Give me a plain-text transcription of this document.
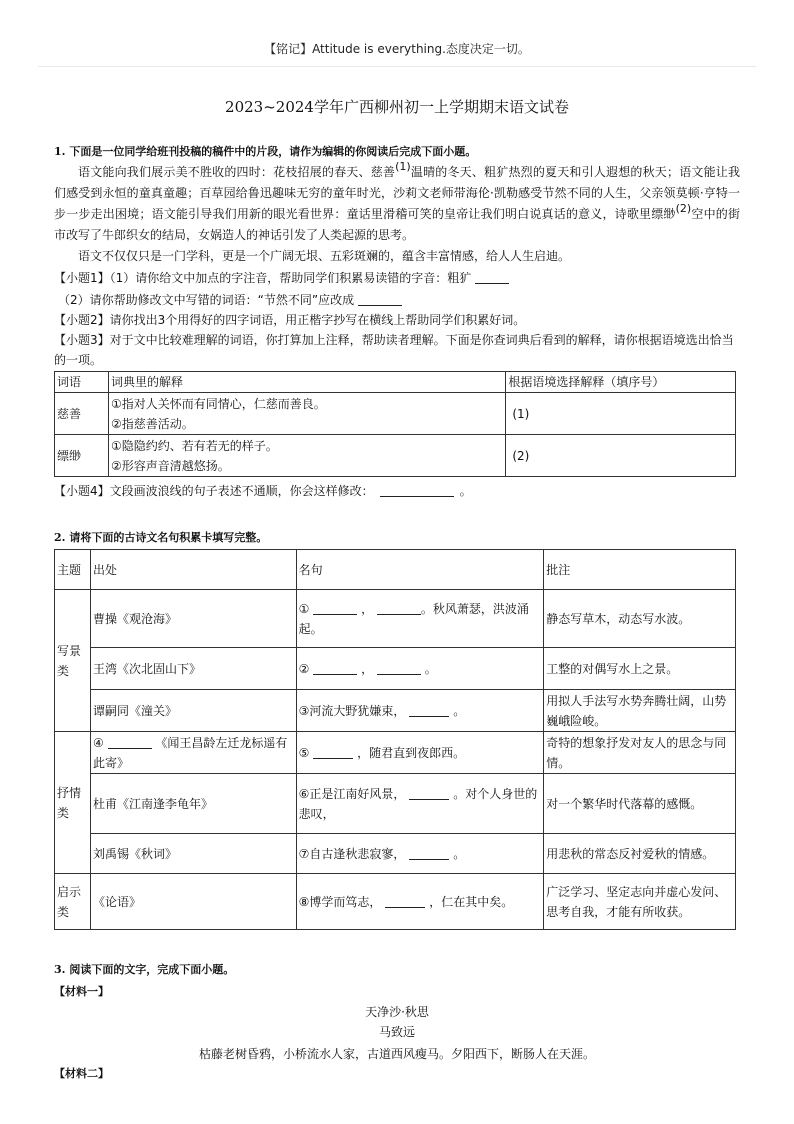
【铭记】Attitude is everything.态度决定一切。
2023~2024学年广西柳州初一上学期期末语文试卷
1. 下面是一位同学给班刊投稿的稿件中的片段，请作为编辑的你阅读后完成下面小题。
语文能向我们展示美不胜收的四时：花枝招展的春天、慈善$^{(1)}$温晴的冬天、粗犷热烈的夏天和引人遐想的秋天；语文能让我们感受到永恒的童真童趣；百草园给鲁迅趣味无穷的童年时光，沙莉文老师带海伦·凯勒感受节然不同的人生，父亲领莫顿·亨特一步一步走出困境；语文能引导我们用新的眼光看世界：童话里滑稽可笑的皇帝让我们明白说真话的意义，诗歌里缥缈$^{(2)}$空中的街市改写了牛郎织女的结局，女娲造人的神话引发了人类起源的思考。
语文不仅仅只是一门学科，更是一个广阔无垠、五彩斑斓的，蕴含丰富情感，给人人生启迪。
【小题1】（1）请你给文中加点的字注音，帮助同学们积累易读错的字音：粗犷
（2）请你帮助修改文中写错的词语：“节然不同”应改成
【小题2】请你找出3个用得好的四字词语，用正楷字抄写在横线上帮助同学们积累好词。
【小题3】对于文中比较难理解的词语，你打算加上注释，帮助读者理解。下面是你查词典后看到的解释，请你根据语境选出恰当
的一项。
词语	词典里的解释	根据语境选择解释（填序号）
慈善	①指对人关怀而有同情心，仁慈而善良。
②指慈善活动。	(1)
缥缈	①隐隐约约、若有若无的样子。
②形容声音清越悠扬。	(2)
【小题4】文段画波浪线的句子表述不通顺，你会这样修改：	。
2. 请将下面的古诗文名句积累卡填写完整。
主题	出处	名句	批注
写景类	曹操《观沧海》	① ， 。秋风萧瑟，洪波涌起。	静态写草木，动态写水波。
	王湾《次北固山下》	② ， 。	工整的对偶写水上之景。
	谭嗣同《潼关》	③河流大野犹嫌束， 。	用拟人手法写水势奔腾壮阔，山势巍峨险峻。
抒情类	④ 《闻王昌龄左迁龙标遥有此寄》	⑤ ，随君直到夜郎西。	奇特的想象抒发对友人的思念与同情。
	杜甫《江南逢李龟年》	⑥正是江南好风景， 。对个人身世的悲叹，	对一个繁华时代落幕的感慨。
	刘禹锡《秋词》	⑦自古逢秋悲寂寥， 。	用悲秋的常态反衬爱秋的情感。
启示类	《论语》	⑧博学而笃志， ，仁在其中矣。	广泛学习、坚定志向并虚心发问、思考自我，才能有所收获。
3. 阅读下面的文字，完成下面小题。
【材料一】
天净沙·秋思
马致远
枯藤老树昏鸦，小桥流水人家，古道西风瘦马。夕阳西下，断肠人在天涯。
【材料二】
